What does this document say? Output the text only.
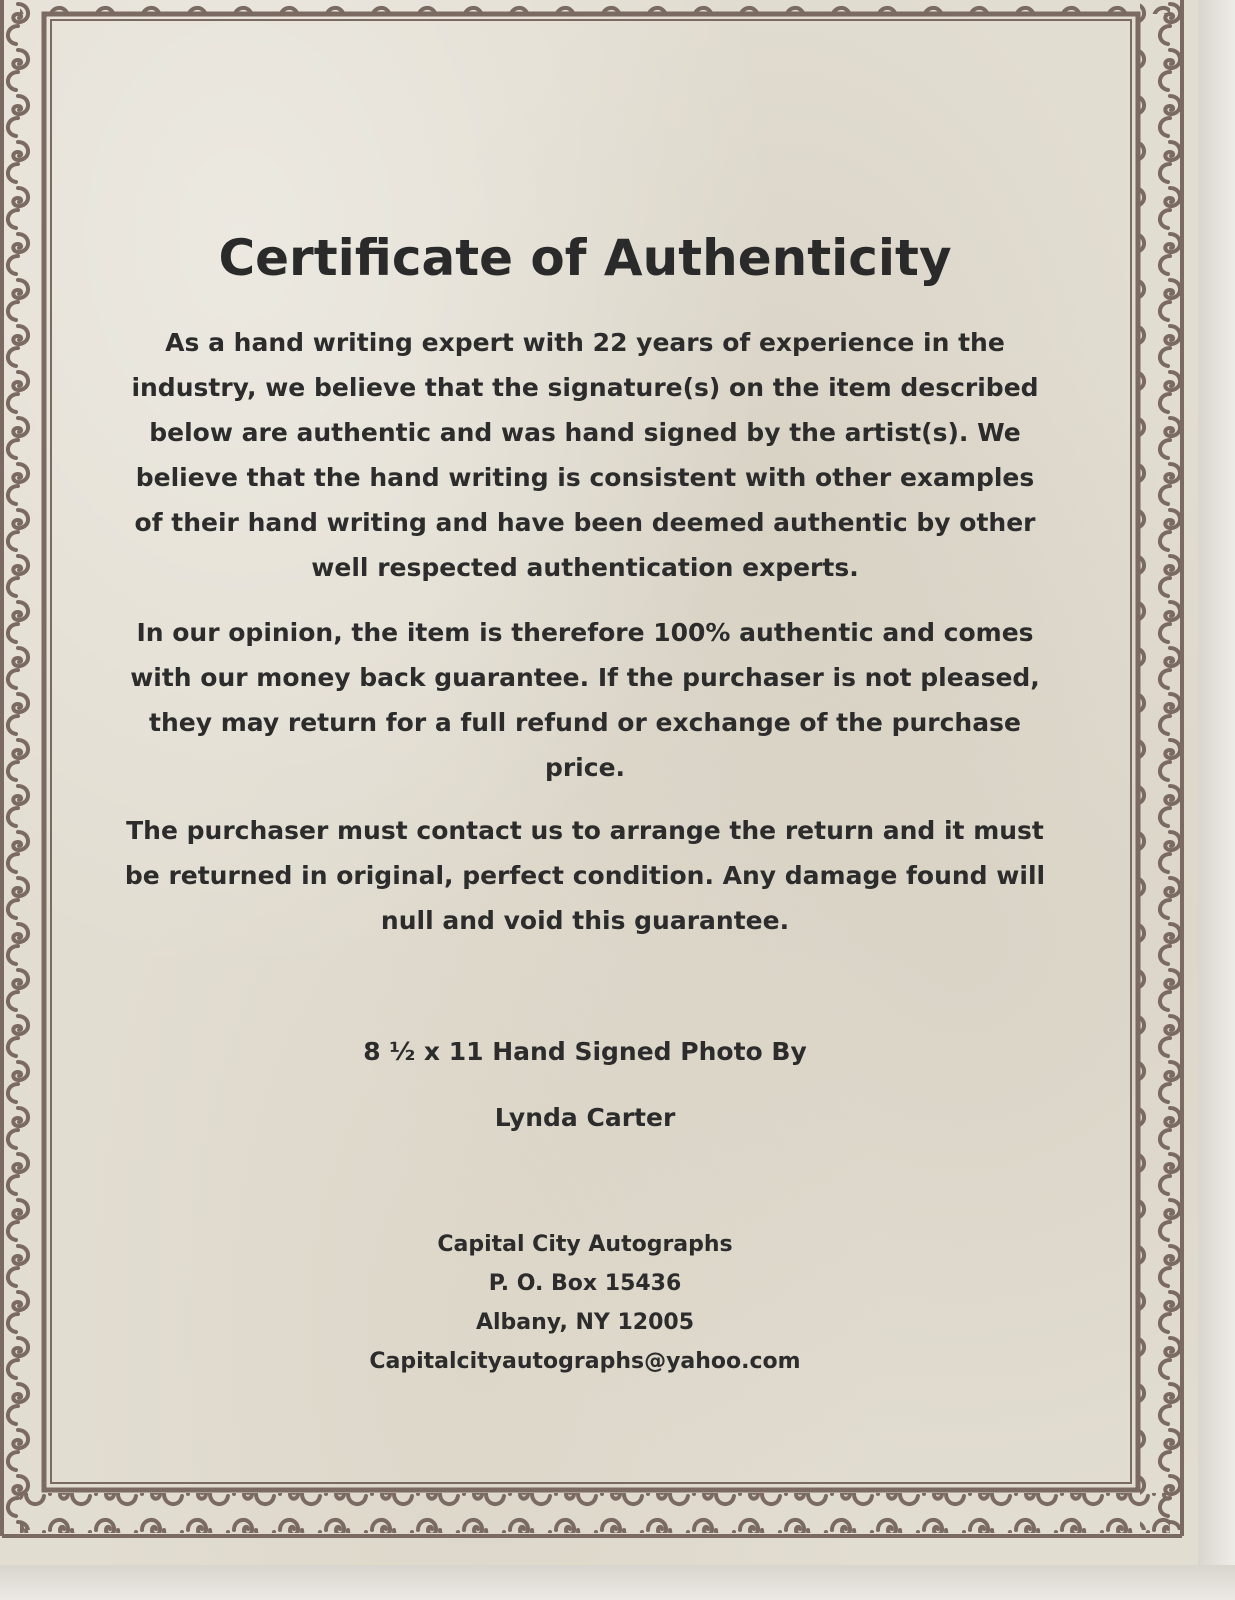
Certificate of Authenticity

As a hand writing expert with 22 years of experience in the industry, we believe that the signature(s) on the item described below are authentic and was hand signed by the artist(s). We believe that the hand writing is consistent with other examples of their hand writing and have been deemed authentic by other well respected authentication experts.

In our opinion, the item is therefore 100% authentic and comes with our money back guarantee. If the purchaser is not pleased, they may return for a full refund or exchange of the purchase price.

The purchaser must contact us to arrange the return and it must be returned in original, perfect condition. Any damage found will null and void this guarantee.

8 ½ x 11 Hand Signed Photo By

Lynda Carter

Capital City Autographs
P. O. Box 15436
Albany, NY 12005
Capitalcityautographs@yahoo.com
